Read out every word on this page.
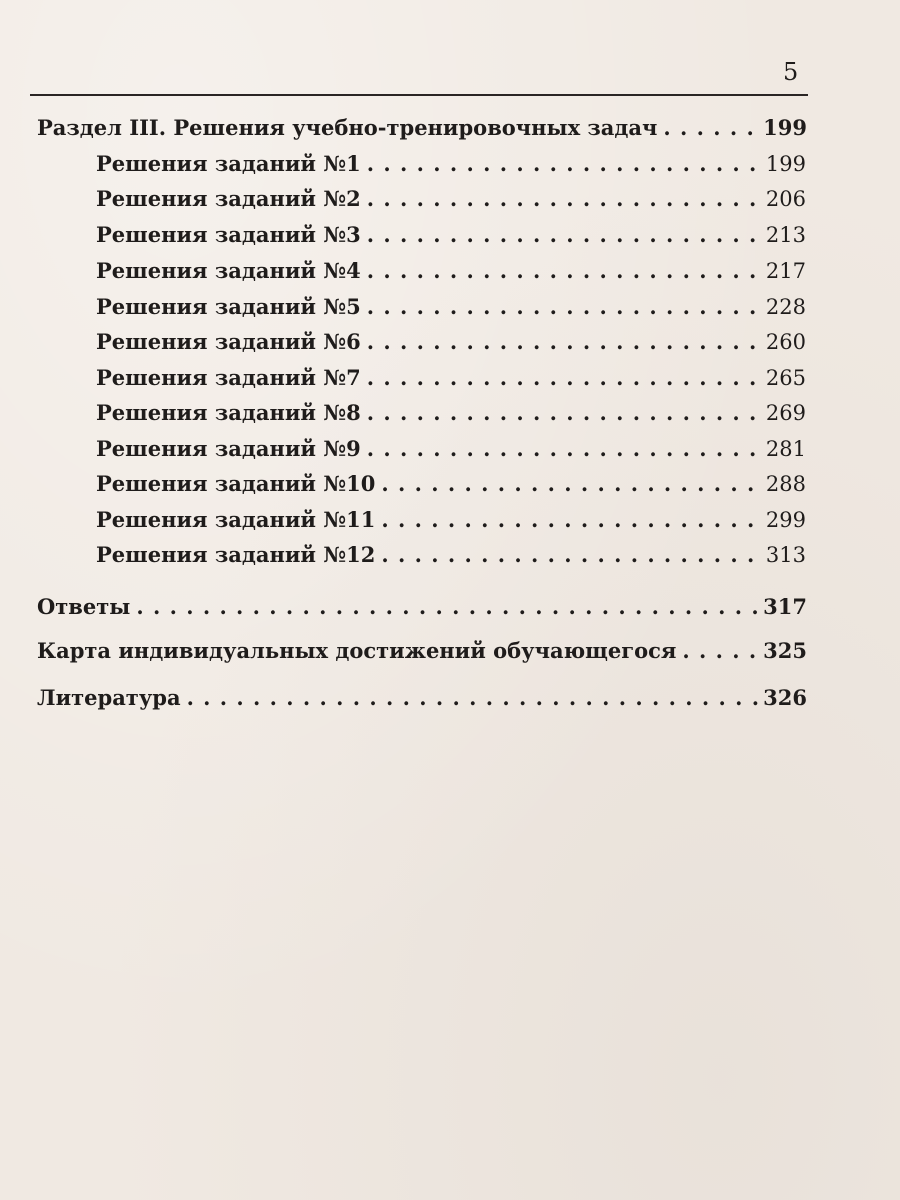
5
Раздел III. Решения учебно-тренировочных задач . . .	199
Решения заданий №1 . . .	199
Решения заданий №2 . . .	206
Решения заданий №3 . . .	213
Решения заданий №4 . . .	217
Решения заданий №5 . . .	228
Решения заданий №6 . . .	260
Решения заданий №7 . . .	265
Решения заданий №8 . . .	269
Решения заданий №9 . . .	281
Решения заданий №10 . . .	288
Решения заданий №11 . . .	299
Решения заданий №12 . . .	313
Ответы . . .	317
Карта индивидуальных достижений обучающегося . . .	325
Литература . . .	326
